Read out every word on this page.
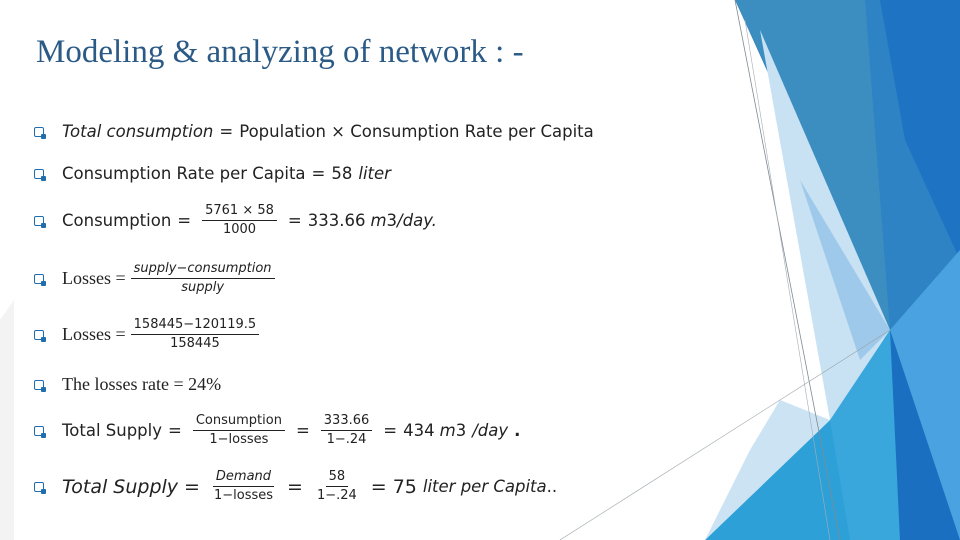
Modeling & analyzing of network : -
Total consumption = Population × Consumption Rate per Capita
Consumption Rate per Capita = 58 liter
Consumption = $\frac{5761 \times 58}{1000} = 333.66$ m 3 /day.
Losses = $\frac{\text{supply−consumption}}{\text{supply}}$
Losses = $\frac{158445-120119.5}{158445}$
The losses rate = 24%
Total Supply = $\frac{\text{Consumption}}{\text{1−losses}} = \frac{333.66}{1-.24} = 434$ m 3 /day .
Total Supply = $\frac{\text{Demand}}{\text{1−losses}} = \frac{58}{1-.24} = 75$ liter per Capita ..
